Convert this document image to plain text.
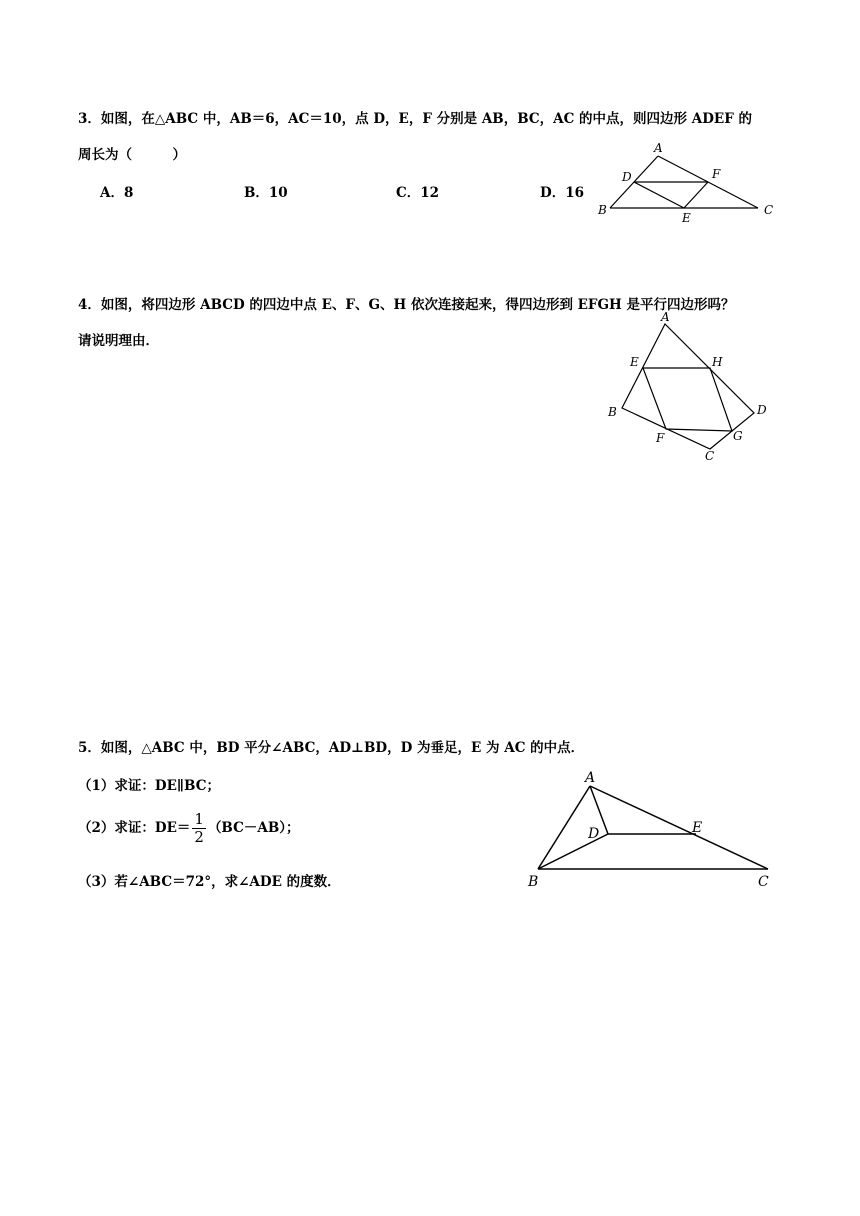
3．如图，在△ABC 中，AB＝6，AC＝10，点 D，E，F 分别是 AB，BC，AC 的中点，则四边形 ADEF 的
周长为（　　　）
A．8	B．10	C．12	D．16
A
B	C
D
E
F
4．如图，将四边形 ABCD 的四边中点 E、F、G、H 依次连接起来，得四边形到 EFGH 是平行四边形吗？
请说明理由．
A
B
C
D
E
F	G
H
5．如图，△ABC 中，BD 平分∠ABC，AD⊥BD，D 为垂足，E 为 AC 的中点．
（1）求证：DE∥BC；
（2）求证：$DE= \frac{1}{2} (BC-AB)$；
（3）若∠ABC＝72°，求∠ADE 的度数．
A
B	C
D	E
